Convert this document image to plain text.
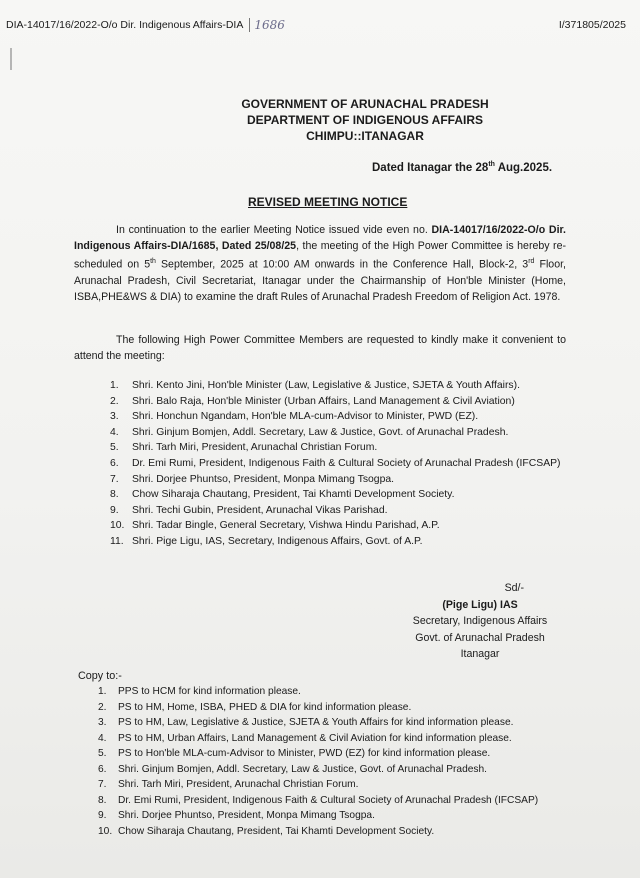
DIA-14017/16/2022-O/o Dir. Indigenous Affairs-DIA 1686	I/371805/2025
GOVERNMENT OF ARUNACHAL PRADESH
DEPARTMENT OF INDIGENOUS AFFAIRS
CHIMPU::ITANAGAR
Dated Itanagar the 28th Aug.2025.
REVISED MEETING NOTICE
In continuation to the earlier Meeting Notice issued vide even no. DIA-14017/16/2022-O/o Dir. Indigenous Affairs-DIA/1685, Dated 25/08/25, the meeting of the High Power Committee is hereby re-scheduled on 5th September, 2025 at 10:00 AM onwards in the Conference Hall, Block-2, 3rd Floor, Arunachal Pradesh, Civil Secretariat, Itanagar under the Chairmanship of Hon'ble Minister (Home, ISBA,PHE&WS & DIA) to examine the draft Rules of Arunachal Pradesh Freedom of Religion Act. 1978.
The following High Power Committee Members are requested to kindly make it convenient to attend the meeting:
1.	Shri. Kento Jini, Hon'ble Minister (Law, Legislative & Justice, SJETA & Youth Affairs).
2.	Shri. Balo Raja, Hon'ble Minister (Urban Affairs, Land Management & Civil Aviation)
3.	Shri. Honchun Ngandam, Hon'ble MLA-cum-Advisor to Minister, PWD (EZ).
4.	Shri. Ginjum Bomjen, Addl. Secretary, Law & Justice, Govt. of Arunachal Pradesh.
5.	Shri. Tarh Miri, President, Arunachal Christian Forum.
6.	Dr. Emi Rumi, President, Indigenous Faith & Cultural Society of Arunachal Pradesh (IFCSAP)
7.	Shri. Dorjee Phuntso, President, Monpa Mimang Tsogpa.
8.	Chow Siharaja Chautang, President, Tai Khamti Development Society.
9.	Shri. Techi Gubin, President, Arunachal Vikas Parishad.
10. Shri. Tadar Bingle, General Secretary, Vishwa Hindu Parishad, A.P.
11. Shri. Pige Ligu, IAS, Secretary, Indigenous Affairs, Govt. of A.P.
Sd/-
(Pige Ligu) IAS
Secretary, Indigenous Affairs
Govt. of Arunachal Pradesh
Itanagar
Copy to:-
1.	PPS to HCM for kind information please.
2.	PS to HM, Home, ISBA, PHED & DIA for kind information please.
3.	PS to HM, Law, Legislative & Justice, SJETA & Youth Affairs for kind information please.
4.	PS to HM, Urban Affairs, Land Management & Civil Aviation for kind information please.
5.	PS to Hon'ble MLA-cum-Advisor to Minister, PWD (EZ) for kind information please.
6.	Shri. Ginjum Bomjen, Addl. Secretary, Law & Justice, Govt. of Arunachal Pradesh.
7.	Shri. Tarh Miri, President, Arunachal Christian Forum.
8.	Dr. Emi Rumi, President, Indigenous Faith & Cultural Society of Arunachal Pradesh (IFCSAP)
9.	Shri. Dorjee Phuntso, President, Monpa Mimang Tsogpa.
10. Chow Siharaja Chautang, President, Tai Khamti Development Society.
